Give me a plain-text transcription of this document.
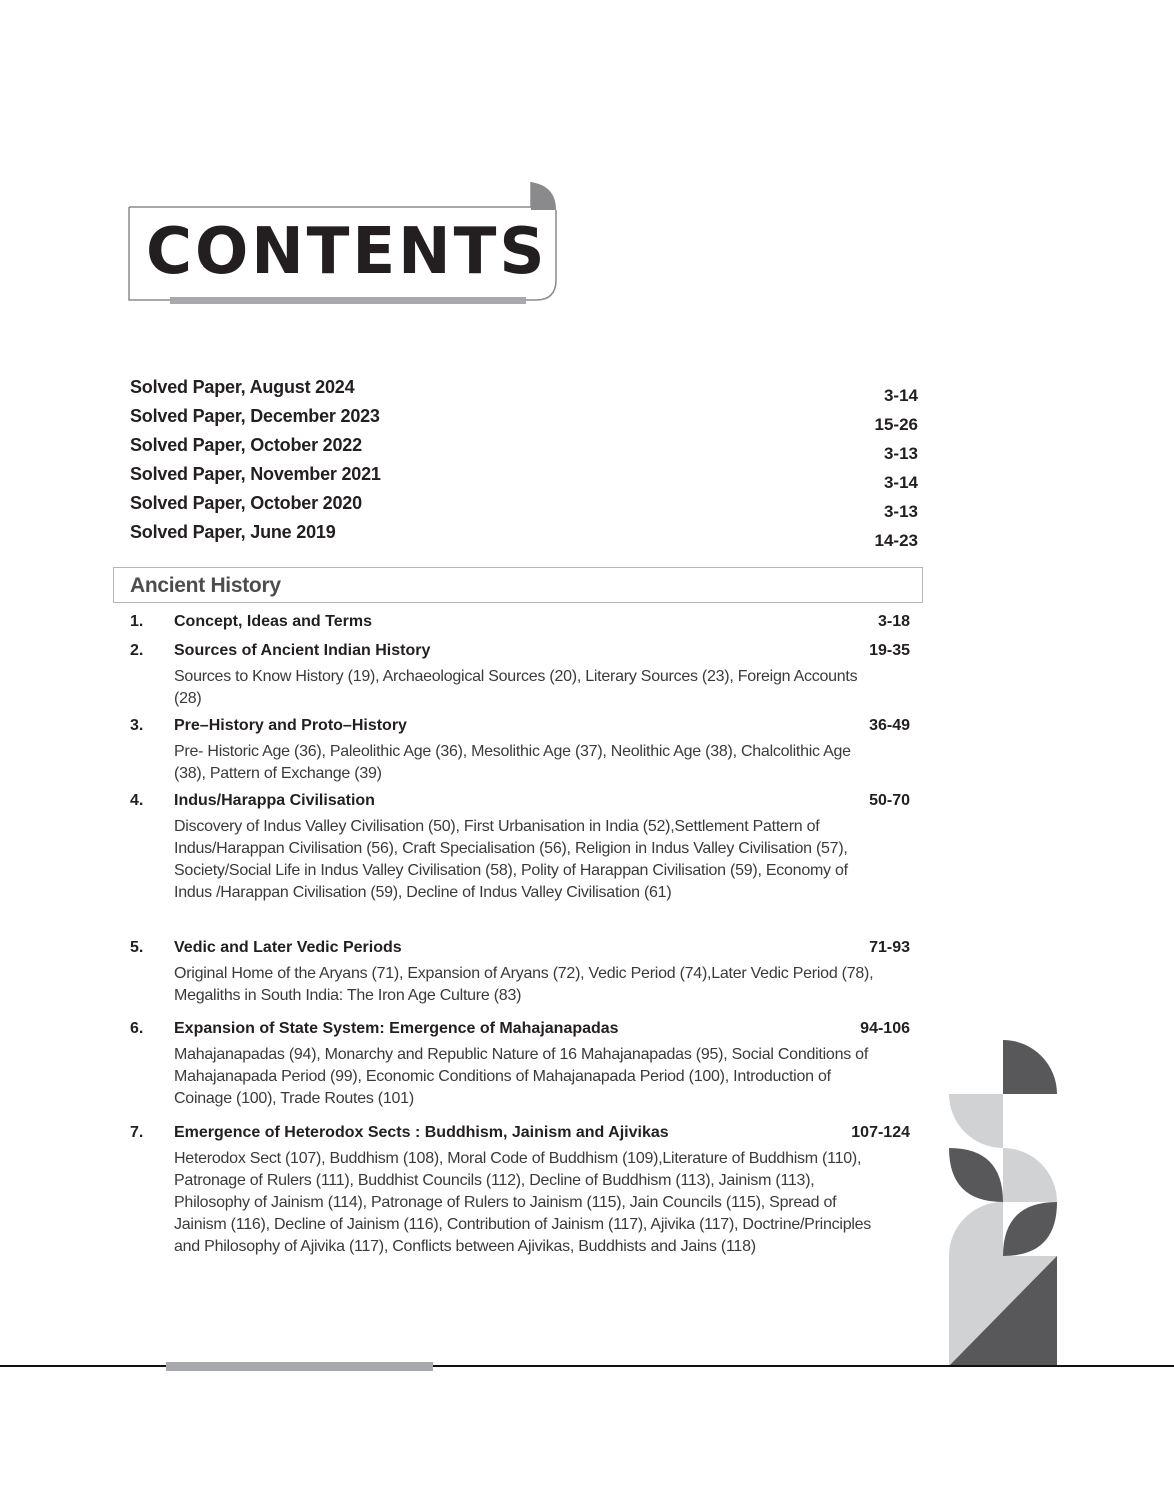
CONTENTS
Solved Paper, August 2024	3-14
Solved Paper, December 2023	15-26
Solved Paper, October 2022	3-13
Solved Paper, November 2021	3-14
Solved Paper, October 2020	3-13
Solved Paper, June 2019	14-23
Ancient History
1. Concept, Ideas and Terms	3-18
2. Sources of Ancient Indian History	19-35
Sources to Know History (19), Archaeological Sources (20), Literary Sources (23), Foreign Accounts (28)
3. Pre–History and Proto–History	36-49
Pre- Historic Age (36), Paleolithic Age (36), Mesolithic Age (37), Neolithic Age (38), Chalcolithic Age (38), Pattern of Exchange (39)
4. Indus/Harappa Civilisation	50-70
Discovery of Indus Valley Civilisation (50), First Urbanisation in India (52),Settlement Pattern of Indus/Harappan Civilisation (56), Craft Specialisation (56), Religion in Indus Valley Civilisation (57), Society/Social Life in Indus Valley Civilisation (58), Polity of Harappan Civilisation (59), Economy of Indus /Harappan Civilisation (59), Decline of Indus Valley Civilisation (61)
5. Vedic and Later Vedic Periods	71-93
Original Home of the Aryans (71), Expansion of Aryans (72), Vedic Period (74),Later Vedic Period (78), Megaliths in South India: The Iron Age Culture (83)
6. Expansion of State System: Emergence of Mahajanapadas	94-106
Mahajanapadas (94), Monarchy and Republic Nature of 16 Mahajanapadas (95), Social Conditions of Mahajanapada Period (99), Economic Conditions of Mahajanapada Period (100), Introduction of Coinage (100), Trade Routes (101)
7. Emergence of Heterodox Sects : Buddhism, Jainism and Ajivikas	107-124
Heterodox Sect (107), Buddhism (108), Moral Code of Buddhism (109),Literature of Buddhism (110), Patronage of Rulers (111), Buddhist Councils (112), Decline of Buddhism (113), Jainism (113), Philosophy of Jainism (114), Patronage of Rulers to Jainism (115), Jain Councils (115), Spread of Jainism (116), Decline of Jainism (116), Contribution of Jainism (117), Ajivika (117), Doctrine/Principles and Philosophy of Ajivika (117), Conflicts between Ajivikas, Buddhists and Jains (118)
